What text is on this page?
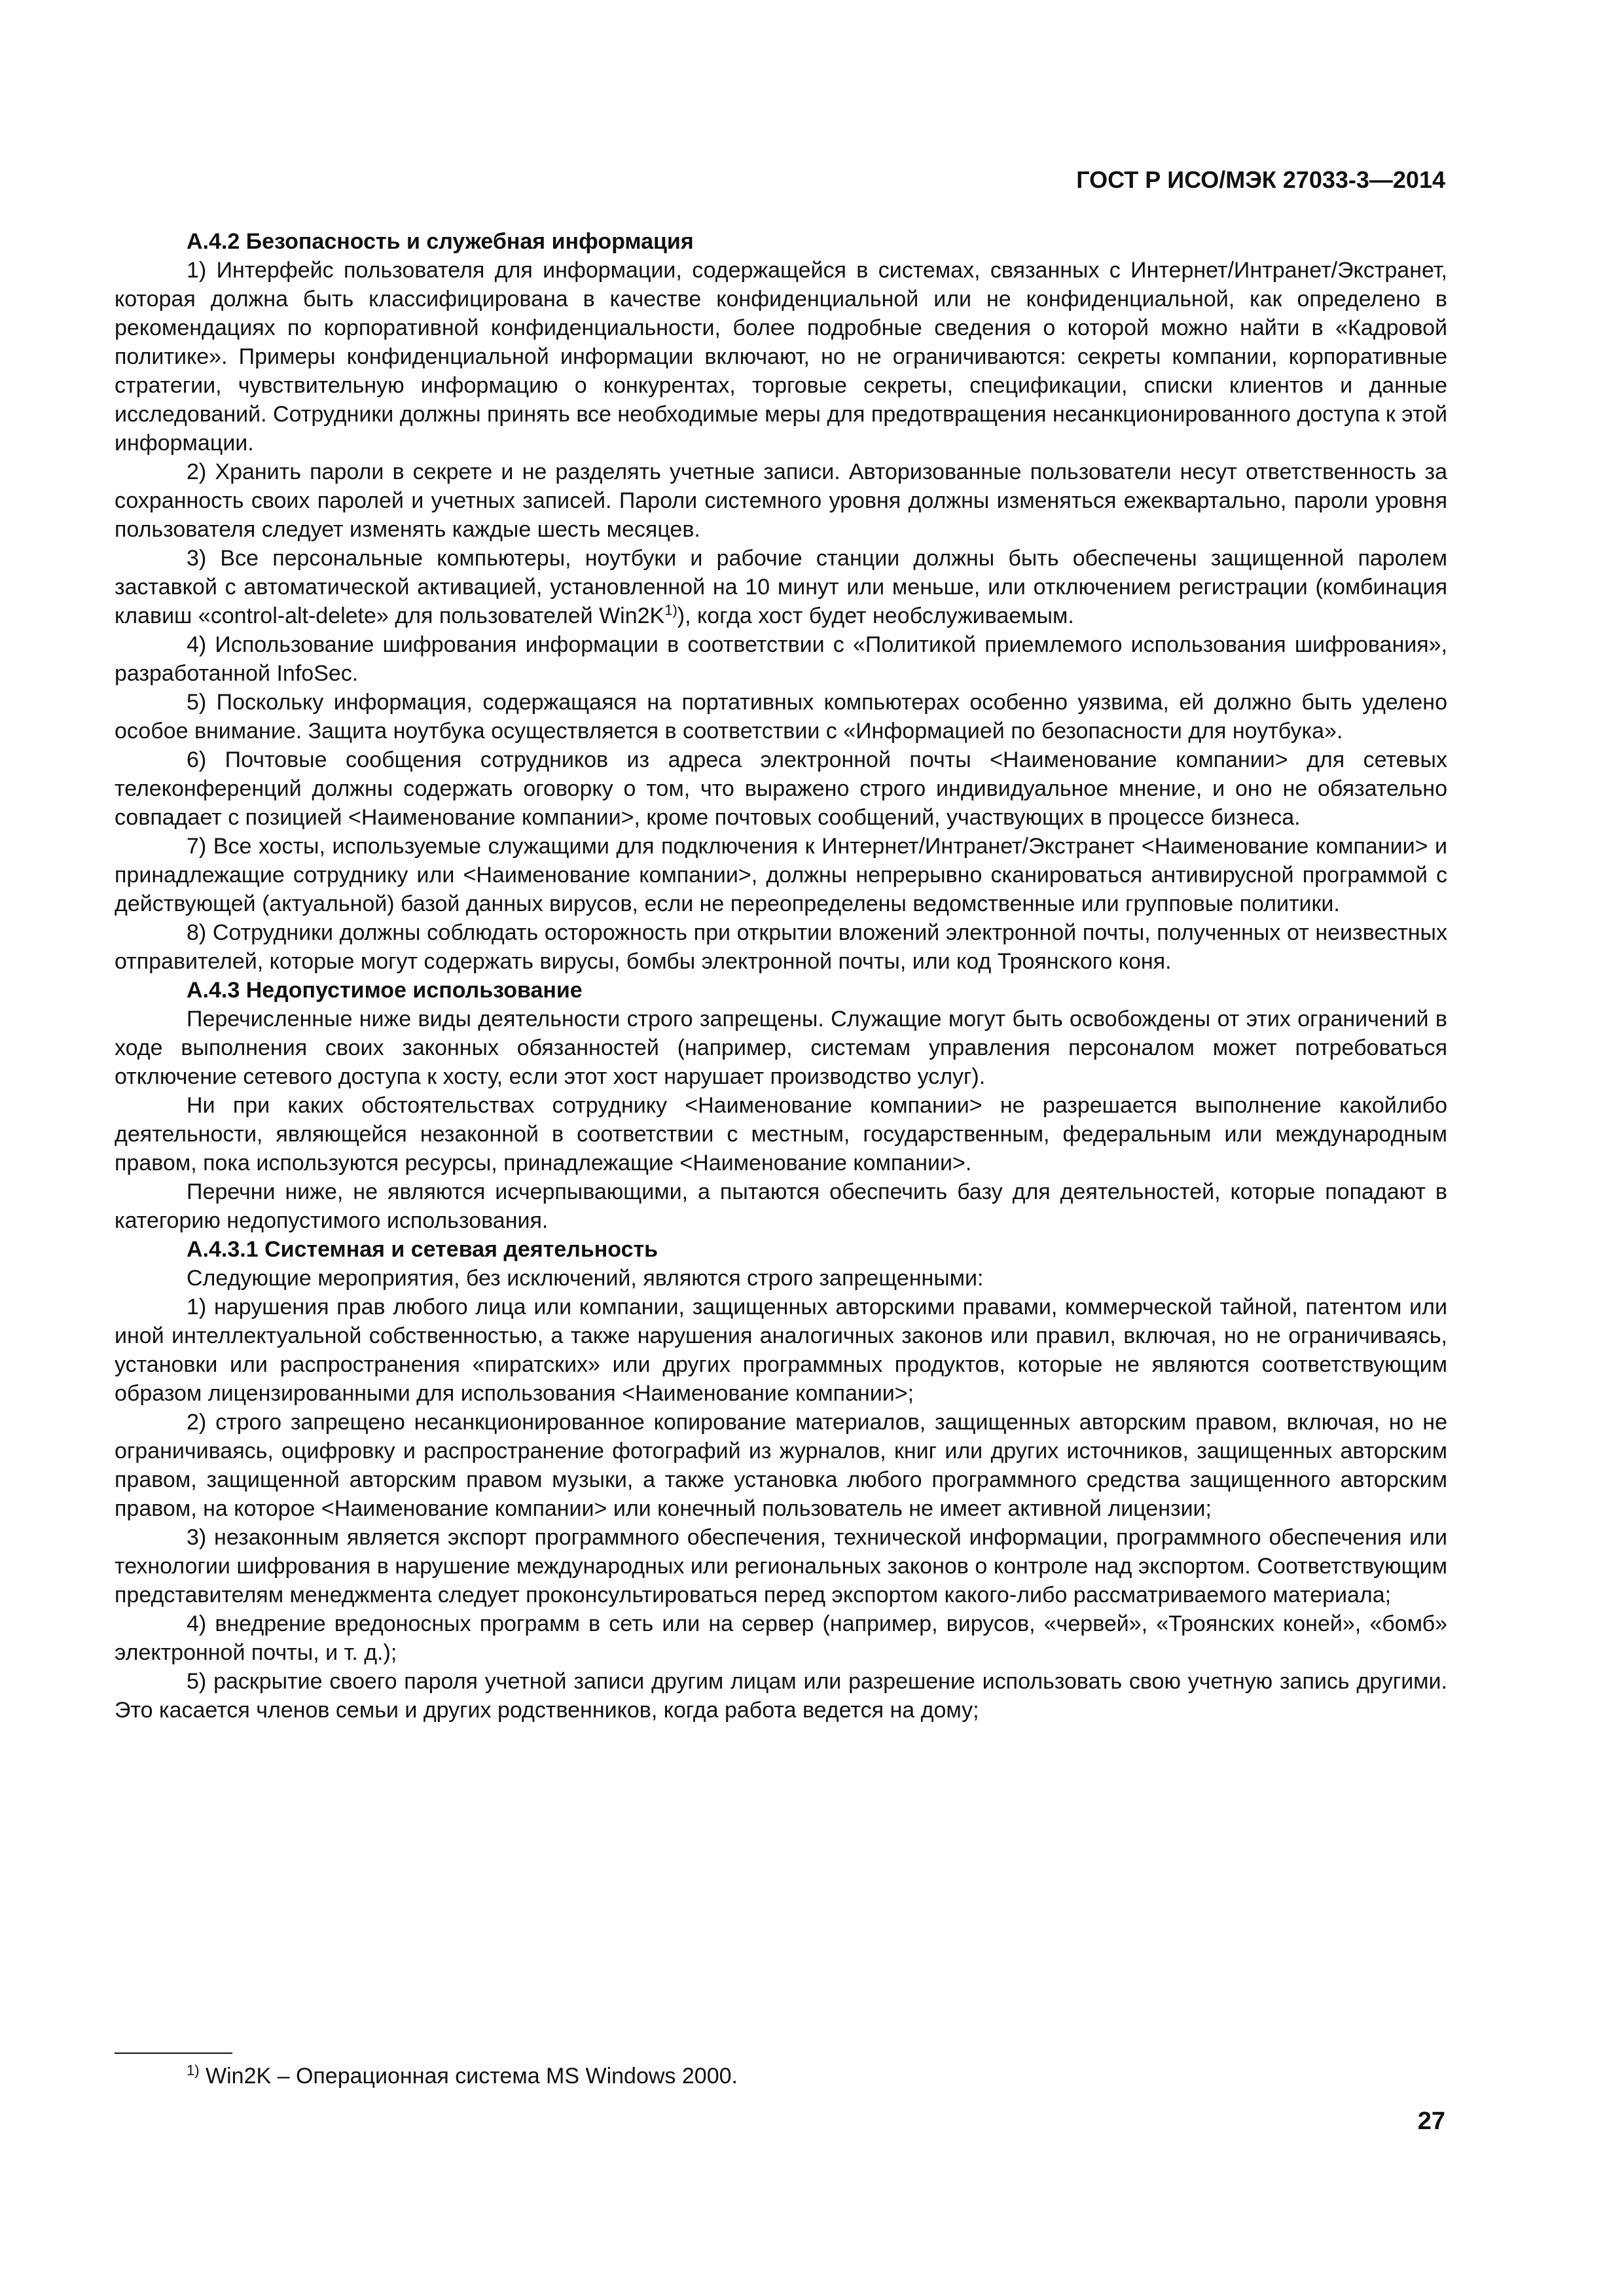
ГОСТ Р ИСО/МЭК 27033-3—2014

А.4.2 Безопасность и служебная информация

1) Интерфейс пользователя для информации, содержащейся в системах, связанных с Интернет/Интранет/Экстранет, которая должна быть классифицирована в качестве конфиденциальной или не конфиденциальной, как определено в рекомендациях по корпоративной конфиденциальности, более подробные сведения о которой можно найти в «Кадровой политике». Примеры конфиденциальной информации включают, но не ограничиваются: секреты компании, корпоративные стратегии, чувствительную информацию о конкурентах, торговые секреты, спецификации, списки клиентов и данные исследований. Сотрудники должны принять все необходимые меры для предотвращения несанкционированного доступа к этой информации.

2) Хранить пароли в секрете и не разделять учетные записи. Авторизованные пользователи несут ответственность за сохранность своих паролей и учетных записей. Пароли системного уровня должны изменяться ежеквартально, пароли уровня пользователя следует изменять каждые шесть месяцев.

3) Все персональные компьютеры, ноутбуки и рабочие станции должны быть обеспечены защищенной паролем заставкой с автоматической активацией, установленной на 10 минут или меньше, или отключением регистрации (комбинация клавиш «control-alt-delete» для пользователей $Win2K^{1)}$), когда хост будет необслуживаемым.

4) Использование шифрования информации в соответствии с «Политикой приемлемого использования шифрования», разработанной InfoSec.

5) Поскольку информация, содержащаяся на портативных компьютерах особенно уязвима, ей должно быть уделено особое внимание. Защита ноутбука осуществляется в соответствии с «Информацией по безопасности для ноутбука».

6) Почтовые сообщения сотрудников из адреса электронной почты <Наименование компании> для сетевых телеконференций должны содержать оговорку о том, что выражено строго индивидуальное мнение, и оно не обязательно совпадает с позицией <Наименование компании>, кроме почтовых сообщений, участвующих в процессе бизнеса.

7) Все хосты, используемые служащими для подключения к Интернет/Интранет/Экстранет <Наименование компании> и принадлежащие сотруднику или <Наименование компании>, должны непрерывно сканироваться антивирусной программой с действующей (актуальной) базой данных вирусов, если не переопределены ведомственные или групповые политики.

8) Сотрудники должны соблюдать осторожность при открытии вложений электронной почты, полученных от неизвестных отправителей, которые могут содержать вирусы, бомбы электронной почты, или код Троянского коня.

А.4.3 Недопустимое использование

Перечисленные ниже виды деятельности строго запрещены. Служащие могут быть освобождены от этих ограничений в ходе выполнения своих законных обязанностей (например, системам управления персоналом может потребоваться отключение сетевого доступа к хосту, если этот хост нарушает производство услуг).

Ни при каких обстоятельствах сотруднику <Наименование компании> не разрешается выполнение какойлибо деятельности, являющейся незаконной в соответствии с местным, государственным, федеральным или международным правом, пока используются ресурсы, принадлежащие <Наименование компании>.

Перечни ниже, не являются исчерпывающими, а пытаются обеспечить базу для деятельностей, которые попадают в категорию недопустимого использования.

А.4.3.1 Системная и сетевая деятельность

Следующие мероприятия, без исключений, являются строго запрещенными:

1) нарушения прав любого лица или компании, защищенных авторскими правами, коммерческой тайной, патентом или иной интеллектуальной собственностью, а также нарушения аналогичных законов или правил, включая, но не ограничиваясь, установки или распространения «пиратских» или других программных продуктов, которые не являются соответствующим образом лицензированными для использования <Наименование компании>;

2) строго запрещено несанкционированное копирование материалов, защищенных авторским правом, включая, но не ограничиваясь, оцифровку и распространение фотографий из журналов, книг или других источников, защищенных авторским правом, защищенной авторским правом музыки, а также установка любого программного средства защищенного авторским правом, на которое <Наименование компании> или конечный пользователь не имеет активной лицензии;

3) незаконным является экспорт программного обеспечения, технической информации, программного обеспечения или технологии шифрования в нарушение международных или региональных законов о контроле над экспортом. Соответствующим представителям менеджмента следует проконсультироваться перед экспортом какого-либо рассматриваемого материала;

4) внедрение вредоносных программ в сеть или на сервер (например, вирусов, «червей», «Троянских коней», «бомб» электронной почты, и т. д.);

5) раскрытие своего пароля учетной записи другим лицам или разрешение использовать свою учетную запись другими. Это касается членов семьи и других родственников, когда работа ведется на дому;

$^{1)}$ Win2K – Операционная система MS Windows 2000.
27
